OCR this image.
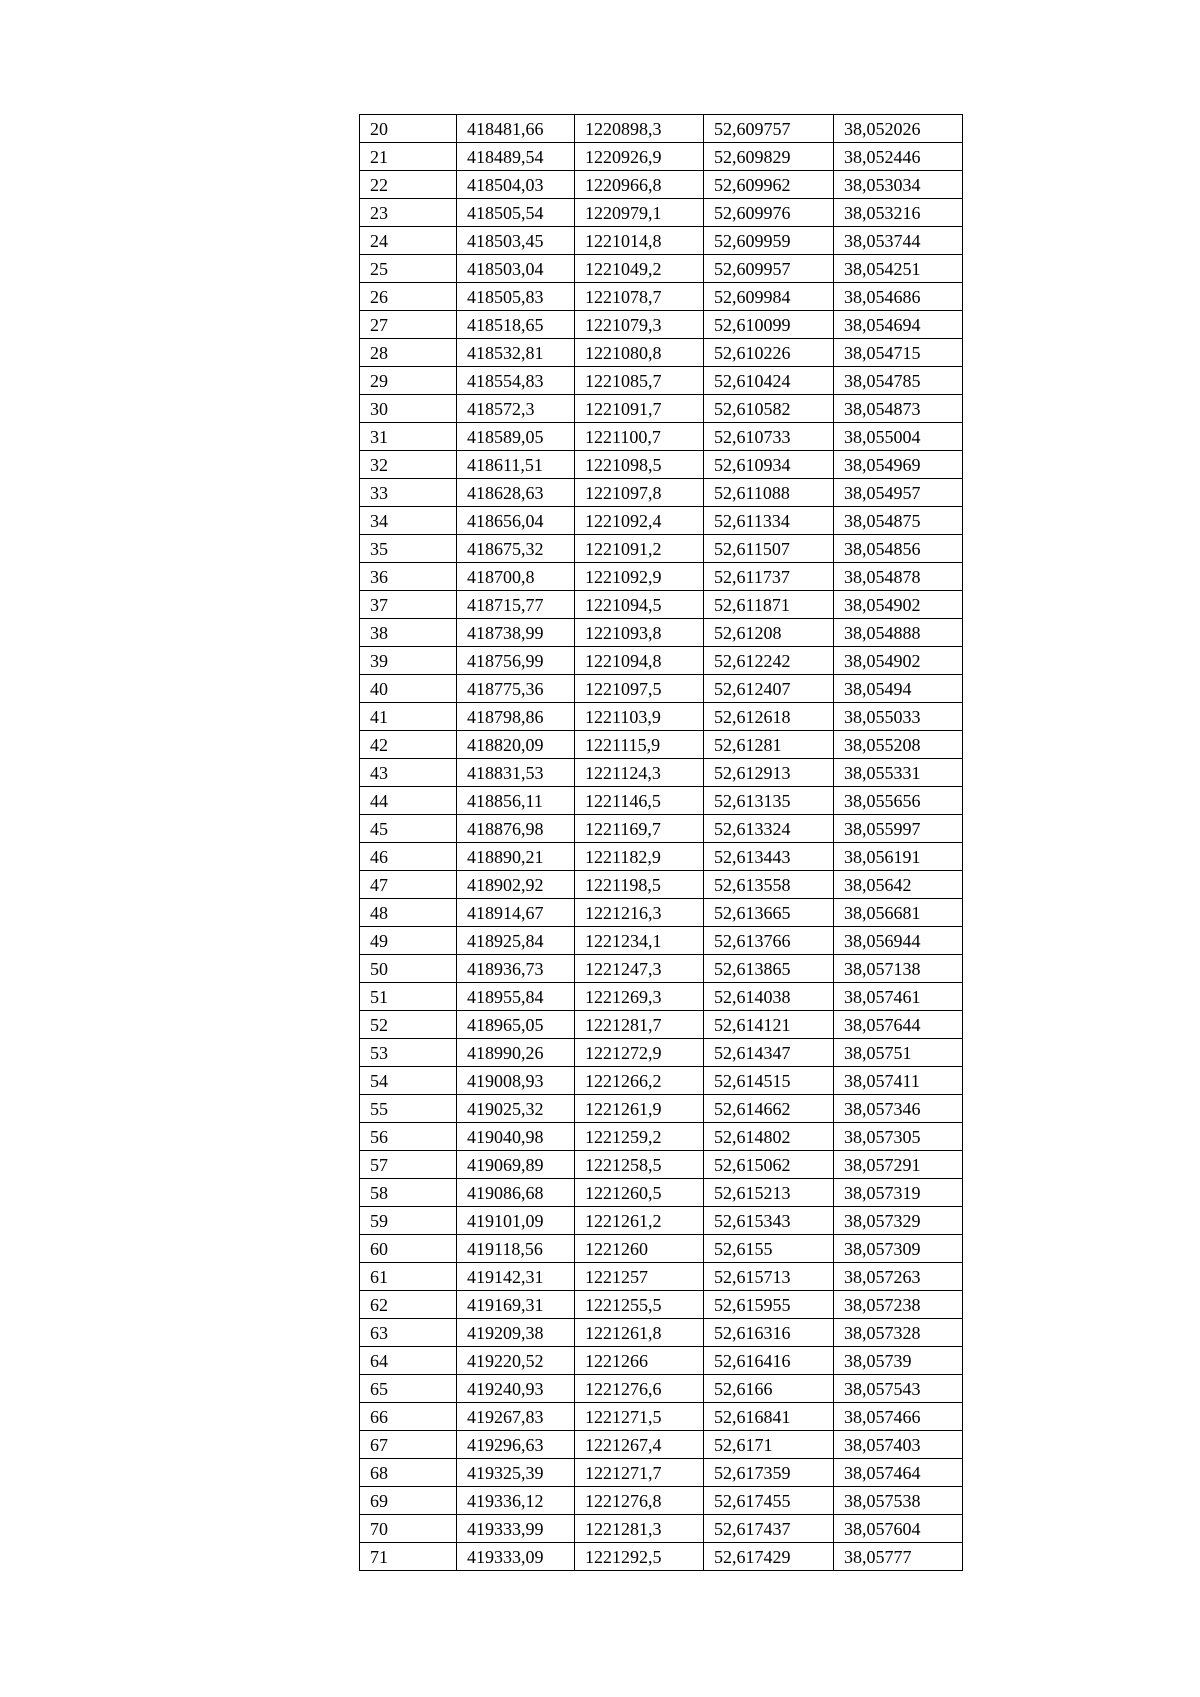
20	418481,66	1220898,3	52,609757	38,052026
21	418489,54	1220926,9	52,609829	38,052446
22	418504,03	1220966,8	52,609962	38,053034
23	418505,54	1220979,1	52,609976	38,053216
24	418503,45	1221014,8	52,609959	38,053744
25	418503,04	1221049,2	52,609957	38,054251
26	418505,83	1221078,7	52,609984	38,054686
27	418518,65	1221079,3	52,610099	38,054694
28	418532,81	1221080,8	52,610226	38,054715
29	418554,83	1221085,7	52,610424	38,054785
30	418572,3	1221091,7	52,610582	38,054873
31	418589,05	1221100,7	52,610733	38,055004
32	418611,51	1221098,5	52,610934	38,054969
33	418628,63	1221097,8	52,611088	38,054957
34	418656,04	1221092,4	52,611334	38,054875
35	418675,32	1221091,2	52,611507	38,054856
36	418700,8	1221092,9	52,611737	38,054878
37	418715,77	1221094,5	52,611871	38,054902
38	418738,99	1221093,8	52,61208	38,054888
39	418756,99	1221094,8	52,612242	38,054902
40	418775,36	1221097,5	52,612407	38,05494
41	418798,86	1221103,9	52,612618	38,055033
42	418820,09	1221115,9	52,61281	38,055208
43	418831,53	1221124,3	52,612913	38,055331
44	418856,11	1221146,5	52,613135	38,055656
45	418876,98	1221169,7	52,613324	38,055997
46	418890,21	1221182,9	52,613443	38,056191
47	418902,92	1221198,5	52,613558	38,05642
48	418914,67	1221216,3	52,613665	38,056681
49	418925,84	1221234,1	52,613766	38,056944
50	418936,73	1221247,3	52,613865	38,057138
51	418955,84	1221269,3	52,614038	38,057461
52	418965,05	1221281,7	52,614121	38,057644
53	418990,26	1221272,9	52,614347	38,05751
54	419008,93	1221266,2	52,614515	38,057411
55	419025,32	1221261,9	52,614662	38,057346
56	419040,98	1221259,2	52,614802	38,057305
57	419069,89	1221258,5	52,615062	38,057291
58	419086,68	1221260,5	52,615213	38,057319
59	419101,09	1221261,2	52,615343	38,057329
60	419118,56	1221260	52,6155	38,057309
61	419142,31	1221257	52,615713	38,057263
62	419169,31	1221255,5	52,615955	38,057238
63	419209,38	1221261,8	52,616316	38,057328
64	419220,52	1221266	52,616416	38,05739
65	419240,93	1221276,6	52,6166	38,057543
66	419267,83	1221271,5	52,616841	38,057466
67	419296,63	1221267,4	52,6171	38,057403
68	419325,39	1221271,7	52,617359	38,057464
69	419336,12	1221276,8	52,617455	38,057538
70	419333,99	1221281,3	52,617437	38,057604
71	419333,09	1221292,5	52,617429	38,05777
